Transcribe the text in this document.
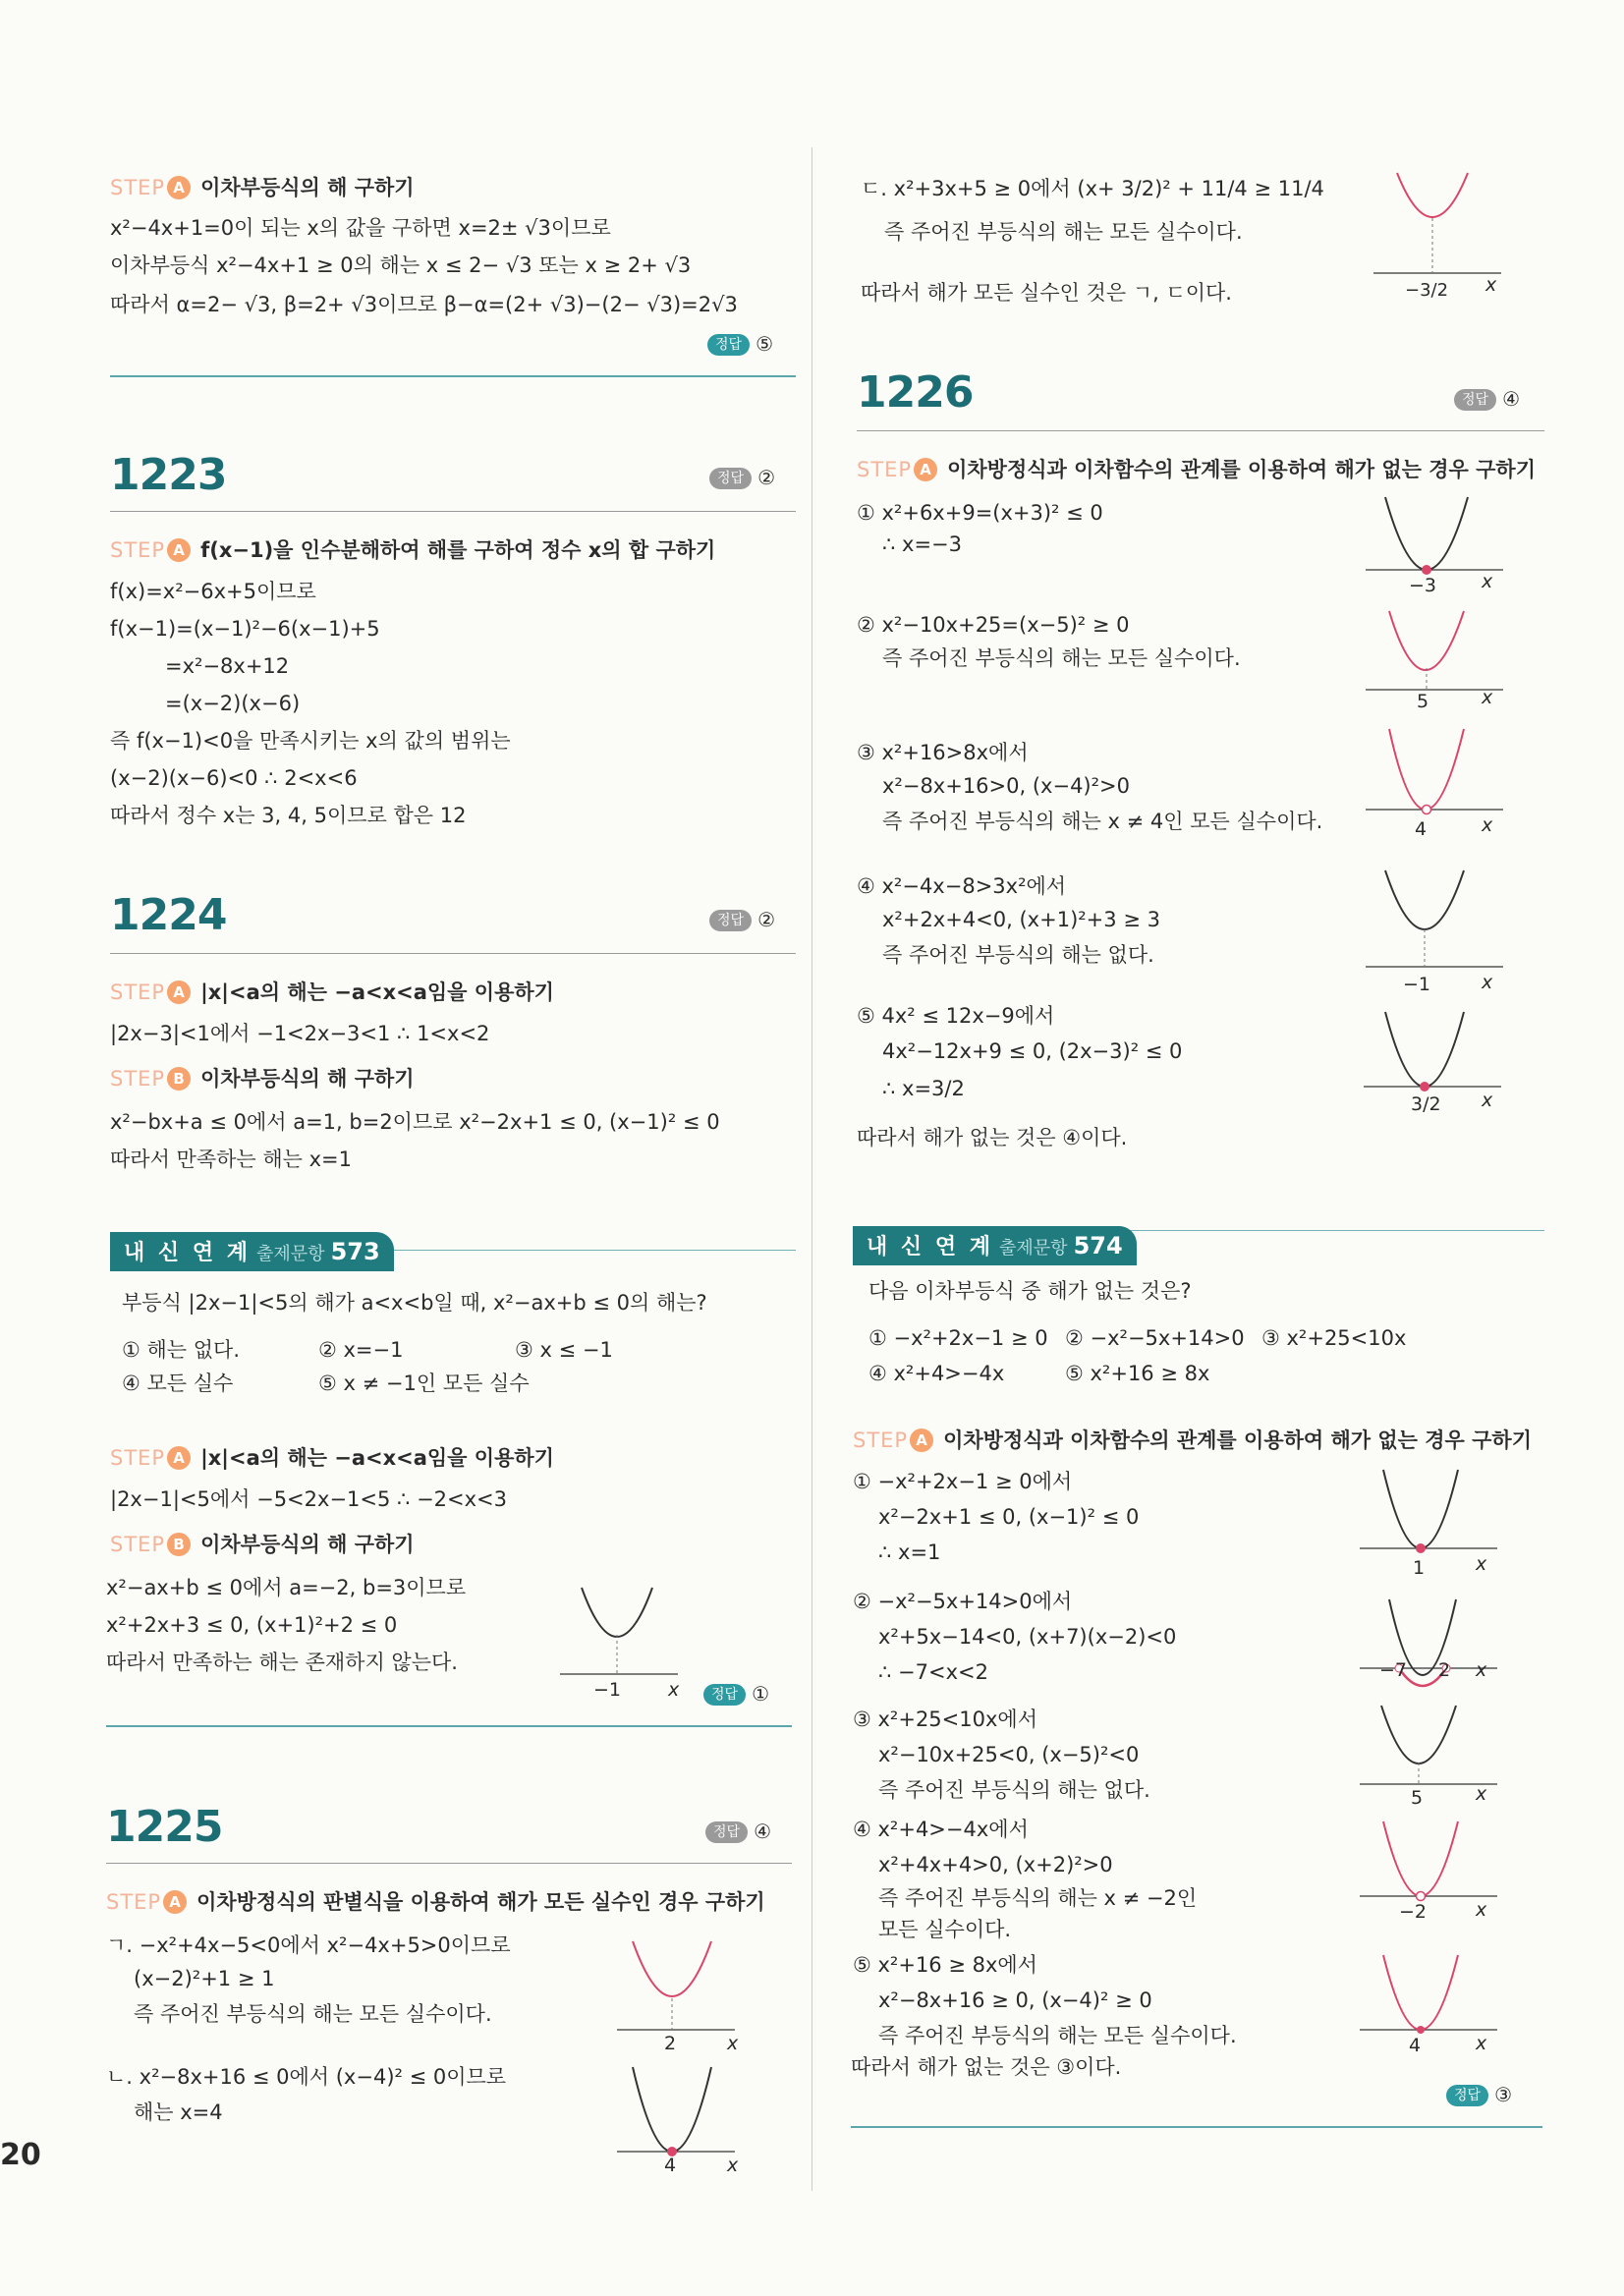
STEP A 이차부등식의 해 구하기
x²−4x+1=0이 되는 x의 값을 구하면 x=2± √3이므로
이차부등식 x²−4x+1 ≥ 0의 해는 x ≤ 2− √3 또는 x ≥ 2+ √3
따라서 α=2− √3, β=2+ √3이므로 β−α=(2+ √3)−(2− √3)=2√3
정답 ⑤
1223	정답 ②
STEP A f(x−1)을 인수분해하여 해를 구하여 정수 x의 합 구하기
f(x)=x²−6x+5이므로
f(x−1)=(x−1)²−6(x−1)+5
=x²−8x+12
=(x−2)(x−6)
즉 f(x−1)<0을 만족시키는 x의 값의 범위는
(x−2)(x−6)<0 ∴ 2<x<6
따라서 정수 x는 3, 4, 5이므로 합은 12
1224	정답 ②
STEP A |x|<a의 해는 −a<x<a임을 이용하기
|2x−3|<1에서 −1<2x−3<1 ∴ 1<x<2
STEP B 이차부등식의 해 구하기
x²−bx+a ≤ 0에서 a=1, b=2이므로 x²−2x+1 ≤ 0, (x−1)² ≤ 0
따라서 만족하는 해는 x=1
내 신 연 계 출제문항 573
부등식 |2x−1|<5의 해가 a<x<b일 때, x²−ax+b ≤ 0의 해는?
① 해는 없다.	② x=−1	③ x ≤ −1
④ 모든 실수	⑤ x ≠ −1인 모든 실수
STEP A |x|<a의 해는 −a<x<a임을 이용하기
|2x−1|<5에서 −5<2x−1<5 ∴ −2<x<3
STEP B 이차부등식의 해 구하기
x²−ax+b ≤ 0에서 a=−2, b=3이므로
x²+2x+3 ≤ 0, (x+1)²+2 ≤ 0
따라서 만족하는 해는 존재하지 않는다.
−1	x	정답 ①
1225	정답 ④
STEP A 이차방정식의 판별식을 이용하여 해가 모든 실수인 경우 구하기
ㄱ. −x²+4x−5<0에서 x²−4x+5>0이므로
(x−2)²+1 ≥ 1
즉 주어진 부등식의 해는 모든 실수이다.
2	x
ㄴ. x²−8x+16 ≤ 0에서 (x−4)² ≤ 0이므로
해는 x=4
4	x
20
ㄷ. x²+3x+5 ≥ 0에서 (x+ 3/2)² + 11/4 ≥ 11/4
즉 주어진 부등식의 해는 모든 실수이다.
따라서 해가 모든 실수인 것은 ㄱ, ㄷ이다.	−3/2 x
1226	정답 ④
STEP A 이차방정식과 이차함수의 관계를 이용하여 해가 없는 경우 구하기
① x²+6x+9=(x+3)² ≤ 0
∴ x=−3
−3 x
② x²−10x+25=(x−5)² ≥ 0
즉 주어진 부등식의 해는 모든 실수이다.
5	x
③ x²+16>8x에서
x²−8x+16>0, (x−4)²>0
즉 주어진 부등식의 해는 x ≠ 4인 모든 실수이다.	4	x
④ x²−4x−8>3x²에서
x²+2x+4<0, (x+1)²+3 ≥ 3
즉 주어진 부등식의 해는 없다.
−1	x
⑤ 4x² ≤ 12x−9에서
4x²−12x+9 ≤ 0, (2x−3)² ≤ 0
∴ x=3/2
3/2 x
따라서 해가 없는 것은 ④이다.
내 신 연 계 출제문항 574
다음 이차부등식 중 해가 없는 것은?
① −x²+2x−1 ≥ 0 ② −x²−5x+14>0 ③ x²+25<10x
④ x²+4>−4x	⑤ x²+16 ≥ 8x
STEP A 이차방정식과 이차함수의 관계를 이용하여 해가 없는 경우 구하기
① −x²+2x−1 ≥ 0에서
x²−2x+1 ≤ 0, (x−1)² ≤ 0
∴ x=1
1	x
② −x²−5x+14>0에서
x²+5x−14<0, (x+7)(x−2)<0
∴ −7<x<2	−7 2 x
③ x²+25<10x에서
x²−10x+25<0, (x−5)²<0
즉 주어진 부등식의 해는 없다.	5	x
④ x²+4>−4x에서
x²+4x+4>0, (x+2)²>0
즉 주어진 부등식의 해는 x ≠ −2인
모든 실수이다.
−2	x
⑤ x²+16 ≥ 8x에서
x²−8x+16 ≥ 0, (x−4)² ≥ 0
즉 주어진 부등식의 해는 모든 실수이다.	4	x
따라서 해가 없는 것은 ③이다.
정답 ③
